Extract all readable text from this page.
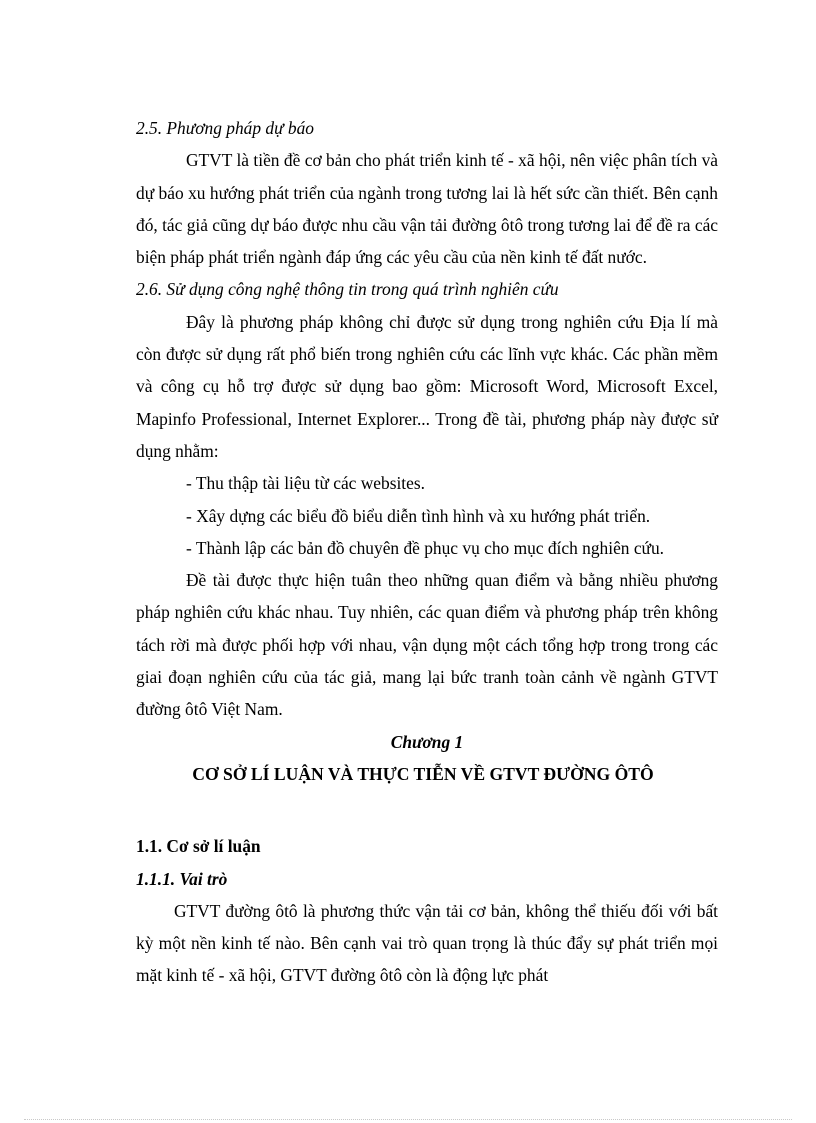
2.5. Phương pháp dự báo

GTVT là tiền đề cơ bản cho phát triển kinh tế - xã hội, nên việc phân tích và dự báo xu hướng phát triển của ngành trong tương lai là hết sức cần thiết. Bên cạnh đó, tác giả cũng dự báo được nhu cầu vận tải đường ôtô trong tương lai để đề ra các biện pháp phát triển ngành đáp ứng các yêu cầu của nền kinh tế đất nước.

2.6. Sử dụng công nghệ thông tin trong quá trình nghiên cứu

Đây là phương pháp không chỉ được sử dụng trong nghiên cứu Địa lí mà còn được sử dụng rất phổ biến trong nghiên cứu các lĩnh vực khác. Các phần mềm và công cụ hỗ trợ được sử dụng bao gồm: Microsoft Word, Microsoft Excel, Mapinfo Professional, Internet Explorer... Trong đề tài, phương pháp này được sử dụng nhằm:

- Thu thập tài liệu từ các websites.

- Xây dựng các biểu đồ biểu diễn tình hình và xu hướng phát triển.

- Thành lập các bản đồ chuyên đề phục vụ cho mục đích nghiên cứu.

Đề tài được thực hiện tuân theo những quan điểm và bằng nhiều phương pháp nghiên cứu khác nhau. Tuy nhiên, các quan điểm và phương pháp trên không tách rời mà được phối hợp với nhau, vận dụng một cách tổng hợp trong trong các giai đoạn nghiên cứu của tác giả, mang lại bức tranh toàn cảnh về ngành GTVT đường ôtô Việt Nam.

Chương 1

CƠ SỞ LÍ LUẬN VÀ THỰC TIỄN VỀ GTVT ĐƯỜNG ÔTÔ

1.1. Cơ sở lí luận

1.1.1. Vai trò

GTVT đường ôtô là phương thức vận tải cơ bản, không thể thiếu đối với bất kỳ một nền kinh tế nào. Bên cạnh vai trò quan trọng là thúc đẩy sự phát triển mọi mặt kinh tế - xã hội, GTVT đường ôtô còn là động lực phát
